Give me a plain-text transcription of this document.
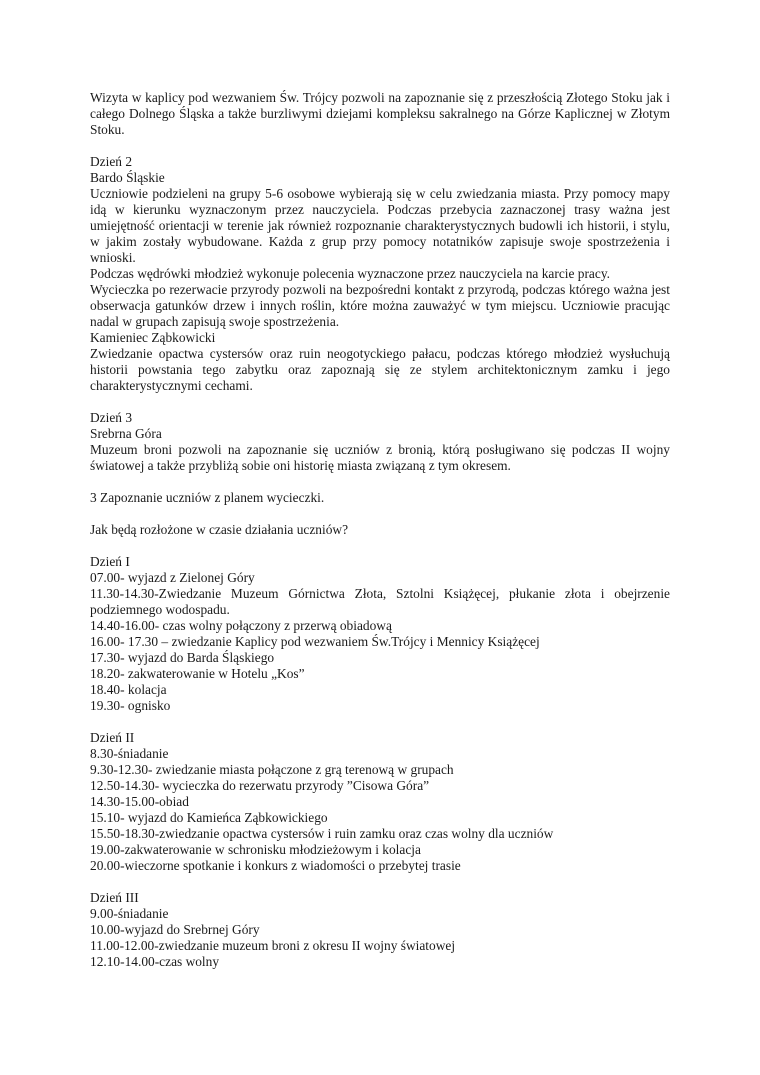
Wizyta w kaplicy pod wezwaniem Św. Trójcy pozwoli na zapoznanie się z przeszłością Złotego Stoku jak i całego Dolnego Śląska a także burzliwymi dziejami kompleksu sakralnego na Górze Kaplicznej w Złotym Stoku.

Dzień 2

Bardo Śląskie

Uczniowie podzieleni na grupy 5-6 osobowe wybierają się w celu zwiedzania miasta. Przy pomocy mapy idą w kierunku wyznaczonym przez nauczyciela. Podczas przebycia zaznaczonej trasy ważna jest umiejętność orientacji w terenie jak również rozpoznanie charakterystycznych budowli ich historii, i stylu, w jakim zostały wybudowane. Każda z grup przy pomocy notatników zapisuje swoje spostrzeżenia i wnioski.

Podczas wędrówki młodzież wykonuje polecenia wyznaczone przez nauczyciela na karcie pracy.

Wycieczka po rezerwacie przyrody pozwoli na bezpośredni kontakt z przyrodą, podczas którego ważna jest obserwacja gatunków drzew i innych roślin, które można zauważyć w tym miejscu. Uczniowie pracując nadal w grupach zapisują swoje spostrzeżenia.

Kamieniec Ząbkowicki

Zwiedzanie opactwa cystersów oraz ruin neogotyckiego pałacu, podczas którego młodzież wysłuchują historii powstania tego zabytku oraz zapoznają się ze stylem architektonicznym zamku i jego charakterystycznymi cechami.

Dzień 3

Srebrna Góra

Muzeum broni pozwoli na zapoznanie się uczniów z bronią, którą posługiwano się podczas II wojny światowej a także przybliżą sobie oni historię miasta związaną z tym okresem.

3 Zapoznanie uczniów z planem wycieczki.

Jak będą rozłożone w czasie działania uczniów?

Dzień I

07.00- wyjazd z Zielonej Góry

11.30-14.30-Zwiedzanie Muzeum Górnictwa Złota, Sztolni Książęcej, płukanie złota i obejrzenie podziemnego wodospadu.

14.40-16.00- czas wolny połączony z przerwą obiadową

16.00- 17.30 – zwiedzanie Kaplicy pod wezwaniem Św.Trójcy i Mennicy Książęcej

17.30- wyjazd do Barda Śląskiego

18.20- zakwaterowanie w Hotelu „Kos”

18.40- kolacja

19.30- ognisko

Dzień II

8.30-śniadanie

9.30-12.30- zwiedzanie miasta połączone z grą terenową w grupach

12.50-14.30- wycieczka do rezerwatu przyrody ”Cisowa Góra”

14.30-15.00-obiad

15.10- wyjazd do Kamieńca Ząbkowickiego

15.50-18.30-zwiedzanie opactwa cystersów i ruin zamku oraz czas wolny dla uczniów

19.00-zakwaterowanie w schronisku młodzieżowym i kolacja

20.00-wieczorne spotkanie i konkurs z wiadomości o przebytej trasie

Dzień III

9.00-śniadanie

10.00-wyjazd do Srebrnej Góry

11.00-12.00-zwiedzanie muzeum broni z okresu II wojny światowej

12.10-14.00-czas wolny
